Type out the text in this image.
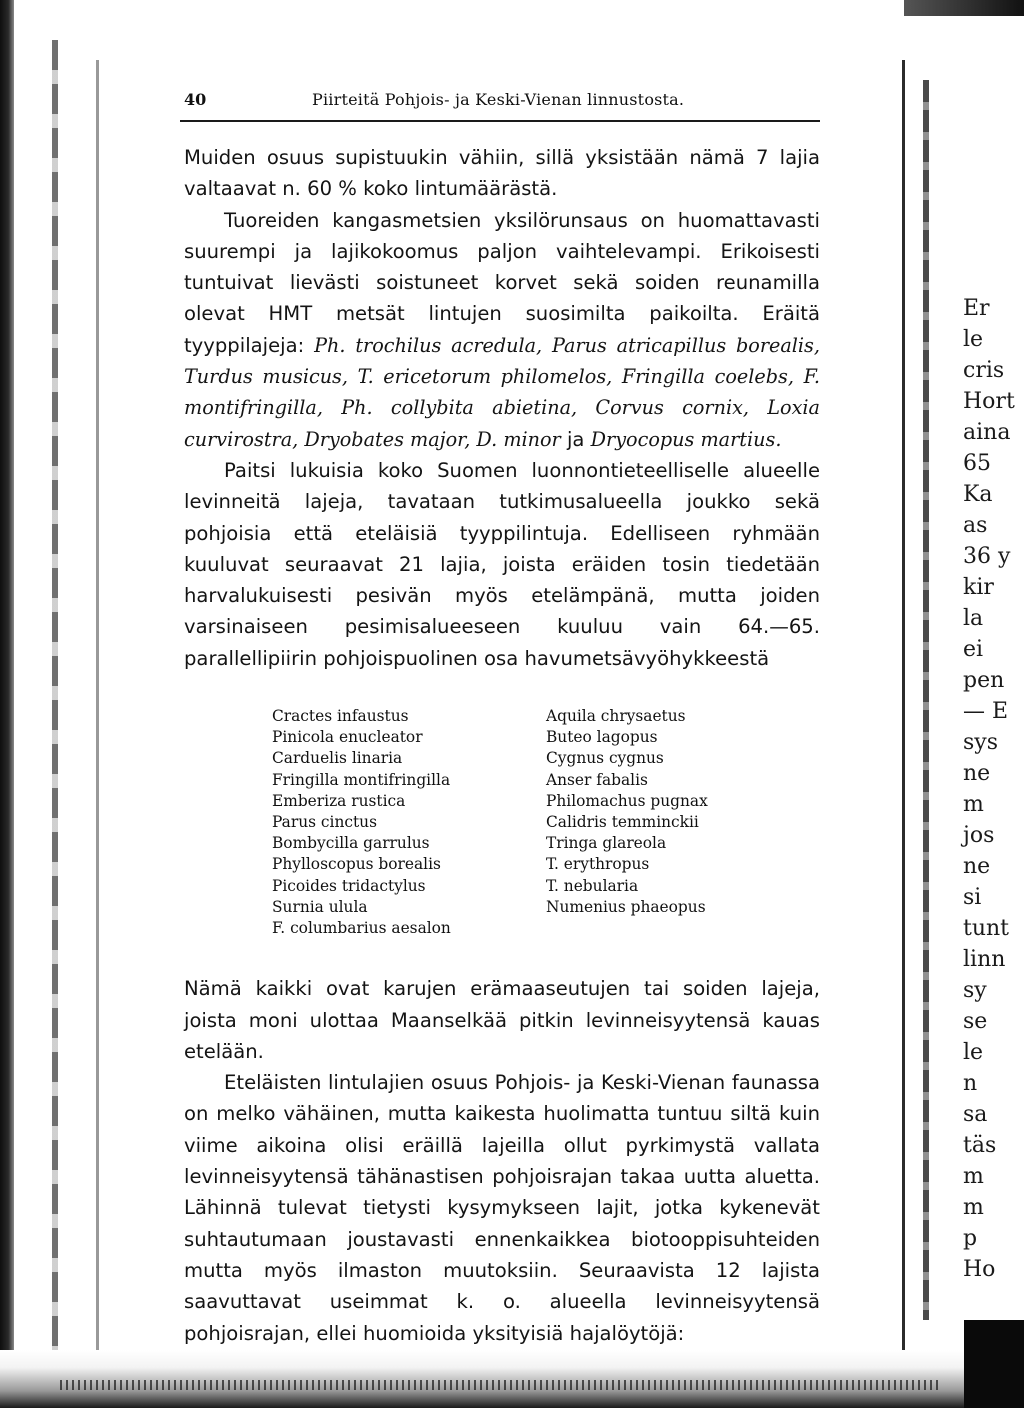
Er
le
cris
Hort
aina
65
Ka
as
36 y
kir
la
ei
pen
— E
sys
ne
m
jos
ne
si
tunt
linn
sy
se
le
n
sa
täs
m
m
p
Ho
40	Piirteitä Pohjois- ja Keski-Vienan linnustosta.

Muiden osuus supistuukin vähiin, sillä yksistään nämä 7 lajia valtaavat n. 60 % koko lintumäärästä.

Tuoreiden kangasmetsien yksilörunsaus on huomattavasti suurempi ja lajikokoomus paljon vaihtelevampi. Erikoisesti tuntuivat lievästi soistuneet korvet sekä soiden reunamilla olevat HMT metsät lintujen suosimilta paikoilta. Eräitä tyyppilajeja: Ph. trochilus acredula, Parus atricapillus borealis, Turdus musicus, T. ericetorum philomelos, Fringilla coelebs, F. montifringilla, Ph. collybita abietina, Corvus cornix, Loxia curvirostra, Dryobates major, D. minor ja Dryocopus martius.

Paitsi lukuisia koko Suomen luonnontieteelliselle alueelle levinneitä lajeja, tavataan tutkimusalueella joukko sekä pohjoisia että eteläisiä tyyppilintuja. Edelliseen ryhmään kuuluvat seuraavat 21 lajia, joista eräiden tosin tiedetään harvalukuisesti pesivän myös etelämpänä, mutta joiden varsinaiseen pesimisalueeseen kuuluu vain 64.—65. parallellipiirin pohjoispuolinen osa havumetsävyöhykkeestä

Cractes infaustus
Pinicola enucleator
Carduelis linaria
Fringilla montifringilla
Emberiza rustica
Parus cinctus
Bombycilla garrulus
Phylloscopus borealis
Picoides tridactylus
Surnia ulula
F. columbarius aesalon
Aquila chrysaetus
Buteo lagopus
Cygnus cygnus
Anser fabalis
Philomachus pugnax
Calidris temminckii
Tringa glareola
T. erythropus
T. nebularia
Numenius phaeopus

Nämä kaikki ovat karujen erämaaseutujen tai soiden lajeja, joista moni ulottaa Maanselkää pitkin levinneisyytensä kauas etelään.

Eteläisten lintulajien osuus Pohjois- ja Keski-Vienan faunassa on melko vähäinen, mutta kaikesta huolimatta tuntuu siltä kuin viime aikoina olisi eräillä lajeilla ollut pyrkimystä vallata levinneisyytensä tähänastisen pohjoisrajan takaa uutta aluetta. Lähinnä tulevat tietysti kysymykseen lajit, jotka kykenevät suhtautumaan joustavasti ennenkaikkea biotooppisuhteiden mutta myös ilmaston muutoksiin. Seuraavista 12 lajista saavuttavat useimmat k. o. alueella levinneisyytensä pohjoisrajan, ellei huomioida yksityisiä hajalöytöjä:
